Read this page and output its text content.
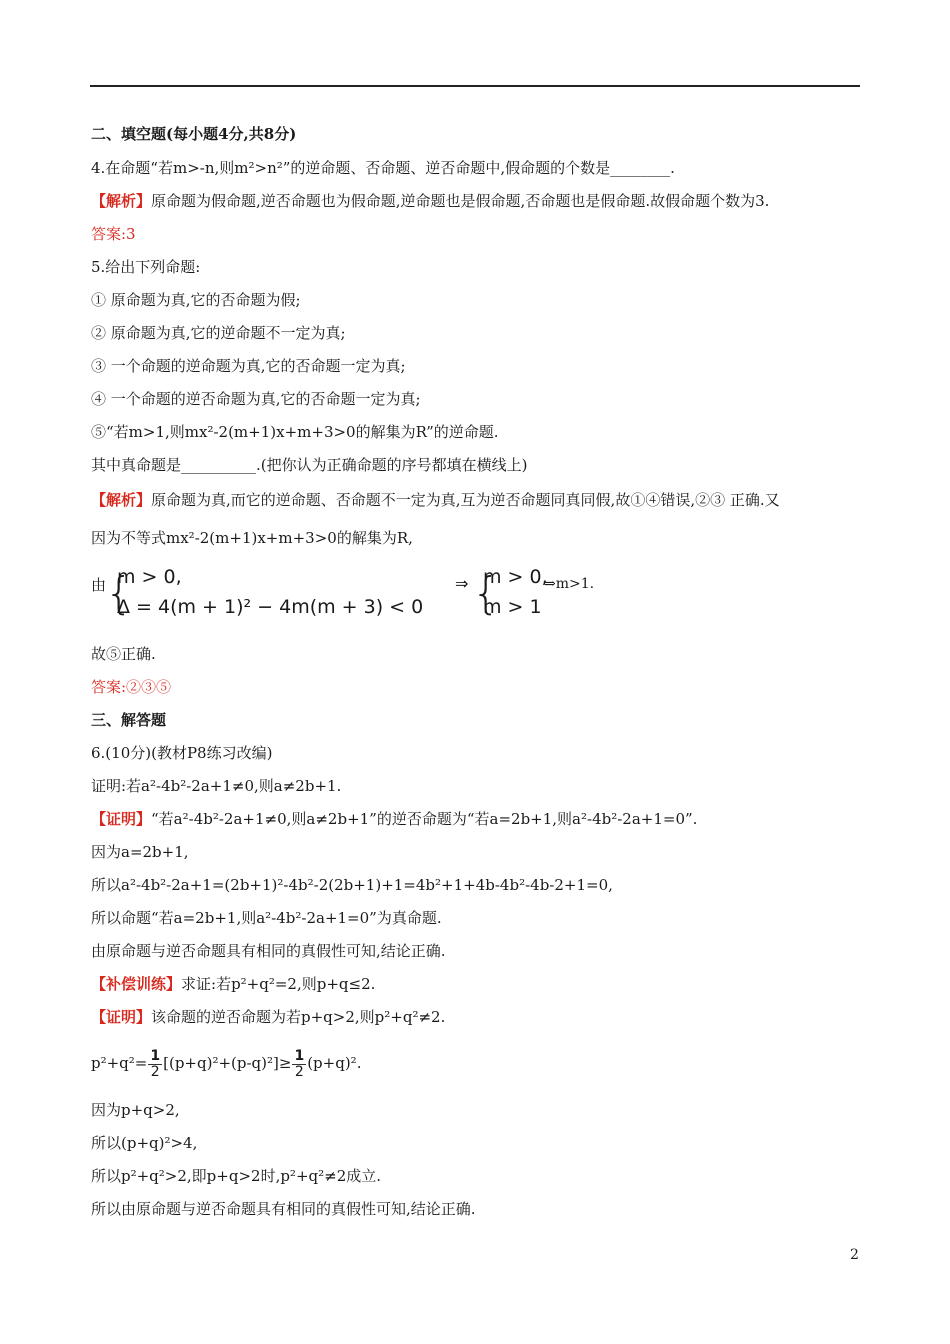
二、填空题(每小题4分,共8分)
4.在命题“若m>-n,则m²>n²”的逆命题、否命题、逆否命题中,假命题的个数是________.
【解析】原命题为假命题,逆否命题也为假命题,逆命题也是假命题,否命题也是假命题.故假命题个数为3.
答案:3
5.给出下列命题:
① 原命题为真,它的否命题为假;
② 原命题为真,它的逆命题不一定为真;
③ 一个命题的逆命题为真,它的否命题一定为真;
④ 一个命题的逆否命题为真,它的否命题一定为真;
⑤“若m>1,则mx²-2(m+1)x+m+3>0的解集为R”的逆命题.
其中真命题是__________.(把你认为正确命题的序号都填在横线上)
【解析】原命题为真,而它的逆命题、否命题不一定为真,互为逆否命题同真同假,故①④错误,②③ 正确.又
因为不等式mx²-2(m+1)x+m+3>0的解集为R,
由
{
m > 0,
Δ = 4(m + 1)² − 4m(m + 3) < 0
⇒ {
m > 0,
m > 1
⇒m>1.
故⑤正确.
答案:②③⑤
三、解答题
6.(10分)(教材P8练习改编)
证明:若a²-4b²-2a+1≠0,则a≠2b+1.
【证明】“若a²-4b²-2a+1≠0,则a≠2b+1”的逆否命题为“若a=2b+1,则a²-4b²-2a+1=0”.
因为a=2b+1,
所以a²-4b²-2a+1=(2b+1)²-4b²-2(2b+1)+1=4b²+1+4b-4b²-4b-2+1=0,
所以命题“若a=2b+1,则a²-4b²-2a+1=0”为真命题.
由原命题与逆否命题具有相同的真假性可知,结论正确.
【补偿训练】求证:若p²+q²=2,则p+q≤2.
【证明】该命题的逆否命题为若p+q>2,则p²+q²≠2.
$p^2+q^2= \frac{1}{2} [(p+q)^2+(p-q)^2]\ge \frac{1}{2} (p+q)^2$.
因为p+q>2,
所以(p+q)²>4,
所以p²+q²>2,即p+q>2时,p²+q²≠2成立.
所以由原命题与逆否命题具有相同的真假性可知,结论正确.
2
